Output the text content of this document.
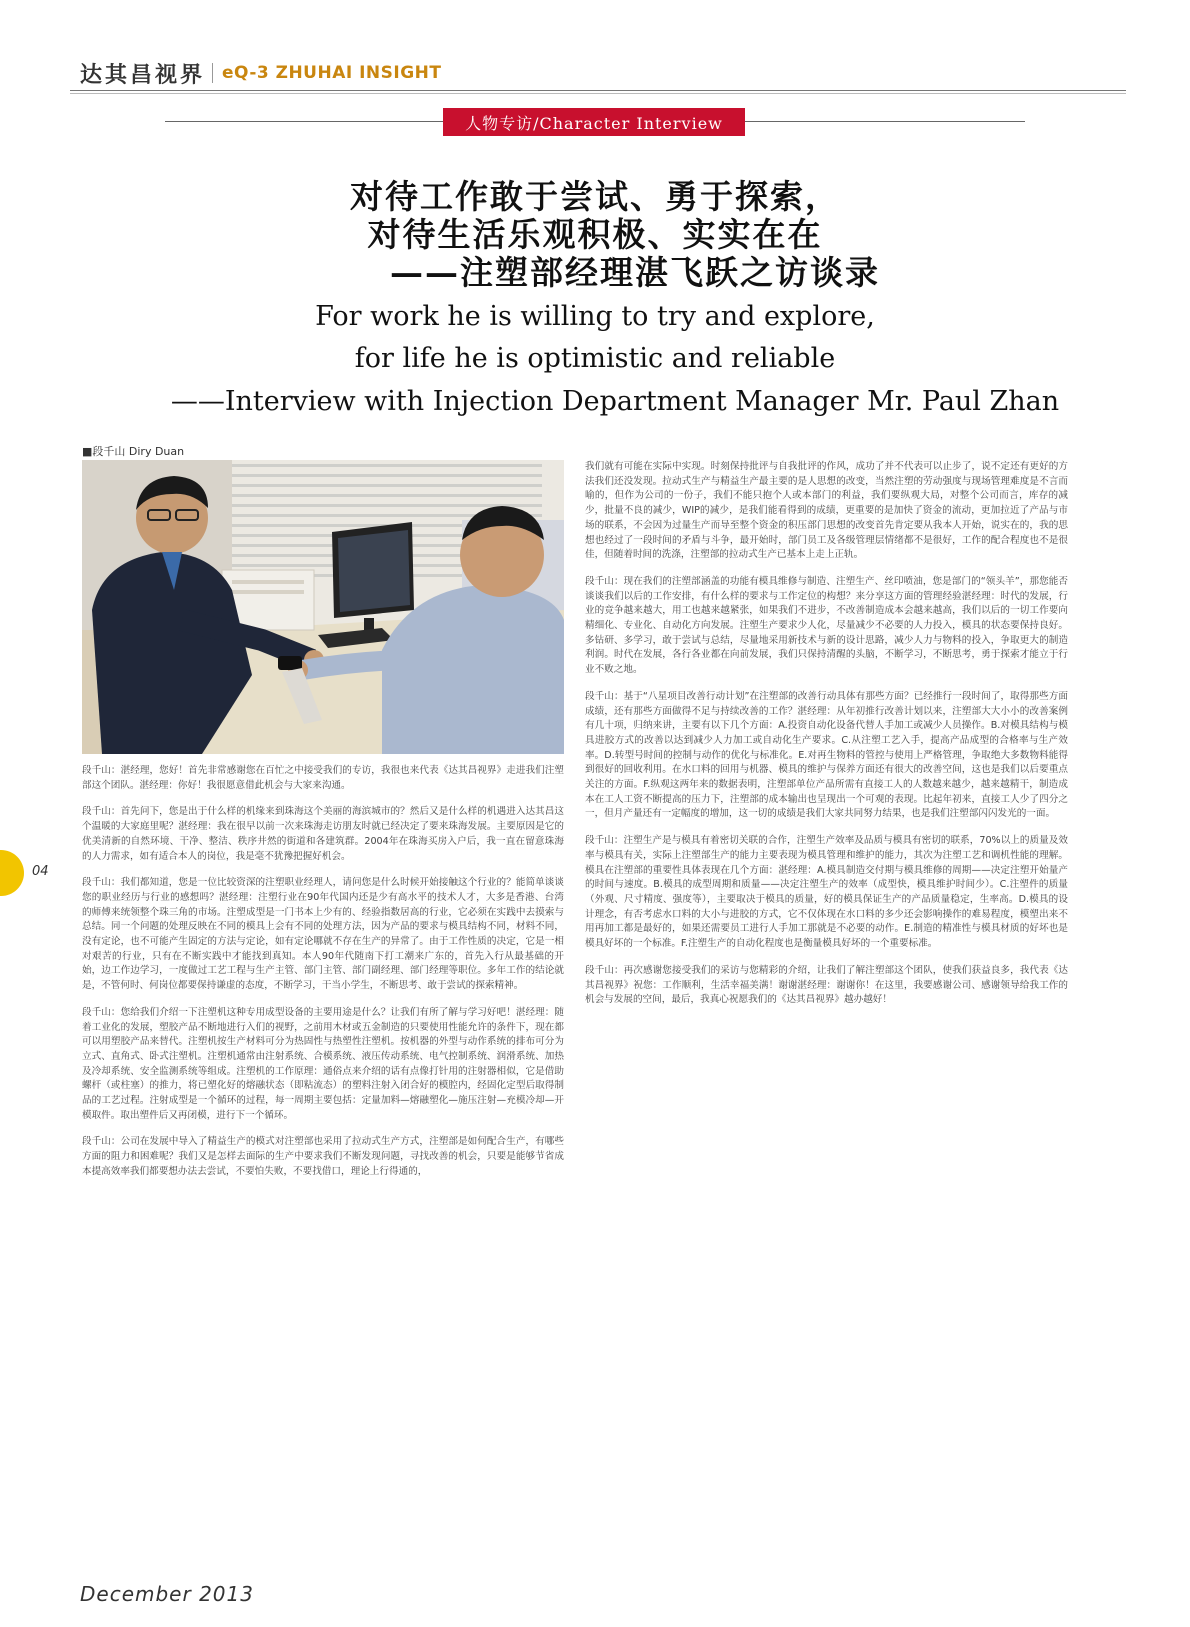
达其昌视界 eQ-3 ZHUHAI INSIGHT
人物专访/Character Interview
对待工作敢于尝试、勇于探索，
对待生活乐观积极、实实在在
——注塑部经理湛飞跃之访谈录
For work he is willing to try and explore,
for life he is optimistic and reliable
——Interview with Injection Department Manager Mr. Paul Zhan
■段千山 Diry Duan

段千山：湛经理，您好！首先非常感谢您在百忙之中接受我们的专访，我很也来代表《达其昌视界》走进我们注塑部这个团队。湛经理：你好！我很愿意借此机会与大家来沟通。

段千山：首先问下，您是出于什么样的机缘来到珠海这个美丽的海滨城市的？然后又是什么样的机遇进入达其昌这个温暖的大家庭里呢？湛经理：我在很早以前一次来珠海走访朋友时就已经决定了要来珠海发展。主要原因是它的优美清新的自然环境、干净、整洁、秩序井然的街道和各建筑群。2004年在珠海买房入户后，我一直在留意珠海的人力需求，如有适合本人的岗位，我是毫不犹豫把握好机会。

段千山：我们都知道，您是一位比较资深的注塑职业经理人，请问您是什么时候开始接触这个行业的？能简单谈谈您的职业经历与行业的感想吗？湛经理：注塑行业在90年代国内还是少有高水平的技术人才，大多是香港、台湾的师傅来统领整个珠三角的市场。注塑成型是一门书本上少有的、经验指数居高的行业，它必须在实践中去摸索与总结。同一个问题的处理反映在不同的模具上会有不同的处理方法，因为产品的要求与模具结构不同，材料不同，没有定论，也不可能产生固定的方法与定论，如有定论哪就不存在生产的异常了。由于工作性质的决定，它是一相对艰苦的行业，只有在不断实践中才能找到真知。本人90年代随南下打工潮来广东的，首先入行从最基础的开始，边工作边学习，一度做过工艺工程与生产主管、部门主管、部门副经理、部门经理等职位。多年工作的结论就是，不管何时、何岗位都要保持谦虚的态度，不断学习，干当小学生，不断思考、敢于尝试的探索精神。

段千山：您给我们介绍一下注塑机这种专用成型设备的主要用途是什么？让我们有所了解与学习好吧！湛经理：随着工业化的发展，塑胶产品不断地进行入们的视野，之前用木材或五金制造的只要使用性能允许的条件下，现在都可以用塑胶产品来替代。注塑机按生产材料可分为热固性与热塑性注塑机。按机器的外型与动作系统的排布可分为立式、直角式、卧式注塑机。注塑机通常由注射系统、合模系统、液压传动系统、电气控制系统、润滑系统、加热及冷却系统、安全监测系统等组成。注塑机的工作原理：通俗点来介绍的话有点像打针用的注射器相似，它是借助螺杆（或柱塞）的推力，将已塑化好的熔融状态（即粘流态）的塑料注射入闭合好的模腔内，经固化定型后取得制品的工艺过程。注射成型是一个循环的过程，每一周期主要包括：定量加料—熔融塑化—施压注射—充模冷却—开模取件。取出塑件后又再闭模，进行下一个循环。

段千山：公司在发展中导入了精益生产的模式对注塑部也采用了拉动式生产方式，注塑部是如何配合生产，有哪些方面的阻力和困难呢？我们又是怎样去面际的生产中要求我们不断发现问题，寻找改善的机会，只要是能够节省成本提高效率我们都要想办法去尝试，不要怕失败，不要找借口，理论上行得通的，

我们就有可能在实际中实现。时刻保持批评与自我批评的作风，成功了并不代表可以止步了，说不定还有更好的方法我们还没发现。拉动式生产与精益生产最主要的是人思想的改变，当然注塑的劳动强度与现场管理难度是不言而喻的，但作为公司的一份子，我们不能只抱个人或本部门的利益，我们要纵观大局，对整个公司而言，库存的减少，批量不良的减少，WIP的减少，是我们能看得到的成绩，更重要的是加快了资金的流动，更加拉近了产品与市场的联系，不会因为过量生产而导至整个资金的积压部门思想的改变首先肯定要从我本人开始，说实在的，我的思想也经过了一段时间的矛盾与斗争，最开始时，部门员工及各级管理层情绪都不是很好，工作的配合程度也不是很佳，但随着时间的洗涤，注塑部的拉动式生产已基本上走上正轨。

段千山：现在我们的注塑部涵盖的功能有模具维修与制造、注塑生产、丝印喷油，您是部门的“领头羊”，那您能否谈谈我们以后的工作安排，有什么样的要求与工作定位的构想？来分享这方面的管理经验湛经理：时代的发展，行业的竞争越来越大，用工也越来越紧张，如果我们不进步，不改善制造成本会越来越高，我们以后的一切工作要向精细化、专业化、自动化方向发展。注塑生产要求少人化，尽量减少不必要的人力投入，模具的状态要保持良好。多钻研、多学习，敢于尝试与总结，尽量地采用新技术与新的设计思路，减少人力与物料的投入，争取更大的制造利润。时代在发展，各行各业都在向前发展，我们只保持清醒的头脑，不断学习，不断思考，勇于探索才能立于行业不败之地。

段千山：基于“八星项目改善行动计划”在注塑部的改善行动具体有那些方面？已经推行一段时间了，取得那些方面成绩，还有那些方面做得不足与持续改善的工作？湛经理：从年初推行改善计划以来，注塑部大大小小的改善案例有几十项，归纳来讲，主要有以下几个方面：A.投资自动化设备代替人手加工或减少人员操作。B.对模具结构与模具进胶方式的改善以达到减少人力加工或自动化生产要求。C.从注塑工艺入手，提高产品成型的合格率与生产效率。D.转型号时间的控制与动作的优化与标准化。E.对再生物料的管控与使用上严格管理，争取绝大多数物料能得到很好的回收利用。在水口料的回用与机器、模具的维护与保养方面还有很大的改善空间，这也是我们以后要重点关注的方面。F.纵观这两年来的数据表明，注塑部单位产品所需有直接工人的人数越来越少，越来越精干，制造成本在工人工资不断提高的压力下，注塑部的成本输出也呈现出一个可观的表现。比起年初来，直接工人少了四分之一，但月产量还有一定幅度的增加，这一切的成绩是我们大家共同努力结果，也是我们注塑部闪闪发光的一面。

段千山：注塑生产是与模具有着密切关联的合作，注塑生产效率及品质与模具有密切的联系，70%以上的质量及效率与模具有关，实际上注塑部生产的能力主要表现为模具管理和维护的能力，其次为注塑工艺和调机性能的理解。模具在注塑部的重要性具体表现在几个方面：湛经理：A.模具制造交付期与模具维修的周期——决定注塑开始量产的时间与速度。B.模具的成型周期和质量——决定注塑生产的效率（成型快，模具维护时间少）。C.注塑件的质量（外观、尺寸精度、强度等），主要取决于模具的质量，好的模具保证生产的产品质量稳定，生率高。D.模具的设计理念，有否考虑水口料的大小与进胶的方式，它不仅体现在水口料的多少还会影响操作的难易程度，模塑出来不用再加工都是最好的，如果还需要员工进行人手加工那就是不必要的动作。E.制造的精准性与模具材质的好坏也是模具好坏的一个标准。F.注塑生产的自动化程度也是衡量模具好坏的一个重要标准。

段千山：再次感谢您接受我们的采访与您精彩的介绍，让我们了解注塑部这个团队，使我们获益良多，我代表《达其昌视界》祝您：工作顺利，生活幸福美满！谢谢湛经理：谢谢你！在这里，我要感谢公司、感谢领导给我工作的机会与发展的空间，最后，我真心祝愿我们的《达其昌视界》越办越好！

04
December 2013
